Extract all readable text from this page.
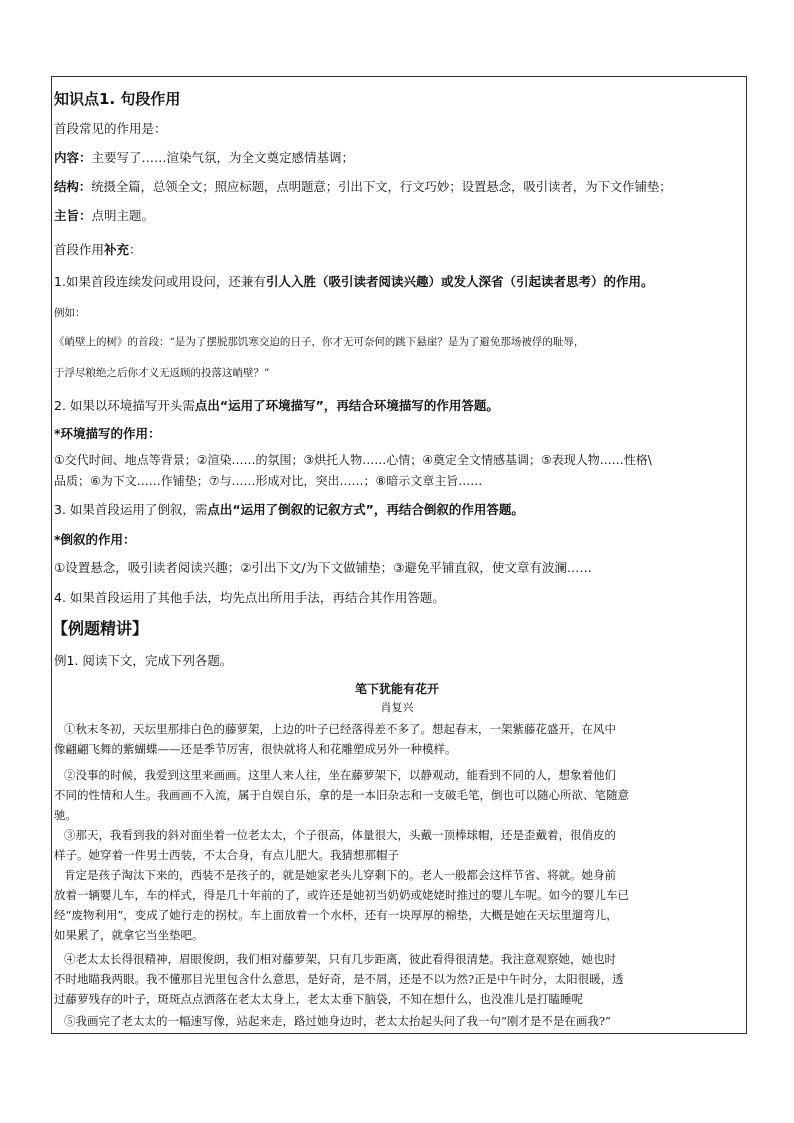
知识点1. 句段作用
首段常见的作用是：
内容：主要写了……渲染气氛，为全文奠定感情基调；
结构：统摄全篇，总领全文；照应标题，点明题意；引出下文，行文巧妙；设置悬念，吸引读者，为下文作铺垫；
主旨：点明主题。
首段作用补充：
1.如果首段连续发问或用设问，还兼有引人入胜（吸引读者阅读兴趣）或发人深省（引起读者思考）的作用。
例如：
《峭壁上的树》的首段：“是为了摆脱那饥寒交迫的日子，你才无可奈何的跳下悬崖？是为了避免那场被俘的耻辱，
于浮尽粮绝之后你才义无返顾的投落这峭壁？”
2. 如果以环境描写开头需点出“运用了环境描写”，再结合环境描写的作用答题。
*环境描写的作用：
①交代时间、地点等背景；②渲染……的氛围；③烘托人物……心情；④奠定全文情感基调；⑤表现人物……性格\
品质；⑥为下文……作铺垫；⑦与……形成对比，突出……；⑧暗示文章主旨……
3. 如果首段运用了倒叙，需点出“运用了倒叙的记叙方式”，再结合倒叙的作用答题。
*倒叙的作用：
①设置悬念，吸引读者阅读兴趣；②引出下文/为下文做铺垫；③避免平铺直叙，使文章有波澜……
4. 如果首段运用了其他手法，均先点出所用手法，再结合其作用答题。
【例题精讲】
例1. 阅读下文，完成下列各题。
笔下犹能有花开
肖复兴
①秋末冬初，天坛里那排白色的藤萝架，上边的叶子已经落得差不多了。想起春末，一架紫藤花盛开，在风中
像翩翩飞舞的紫蝴蝶——还是季节厉害，很快就将人和花雕塑成另外一种模样。
②没事的时候，我爱到这里来画画。这里人来人往，坐在藤萝架下，以静观动，能看到不同的人，想象着他们
不同的性情和人生。我画画不入流，属于自娱自乐，拿的是一本旧杂志和一支破毛笔，倒也可以随心所欲、笔随意
驰。
③那天，我看到我的斜对面坐着一位老太太，个子很高，体量很大，头戴一顶棒球帽，还是歪戴着，很俏皮的
样子。她穿着一件男士西装，不太合身，有点儿肥大。我猜想那帽子
肯定是孩子淘汰下来的，西装不是孩子的，就是她家老头儿穿剩下的。老人一般都会这样节省、将就。她身前
放着一辆婴儿车，车的样式，得是几十年前的了，或许还是她初当奶奶或姥姥时推过的婴儿车呢。如今的婴儿车已
经“废物利用”，变成了她行走的拐杖。车上面放着一个水杯，还有一块厚厚的棉垫，大概是她在天坛里遛弯儿，
如果累了，就拿它当坐垫吧。
④老太太长得很精神，眉眼俊朗，我们相对藤萝架，只有几步距离，彼此看得很清楚。我注意观察她，她也时
不时地瞄我两眼。我不懂那目光里包含什么意思，是好奇，是不屑，还是不以为然?正是中午时分，太阳很暖，透
过藤萝残存的叶子，斑斑点点洒落在老太太身上，老太太垂下脑袋，不知在想什么，也没准儿是打瞌睡呢
⑤我画完了老太太的一幅速写像，站起来走，路过她身边时，老太太抬起头问了我一句“刚才是不是在画我?”
